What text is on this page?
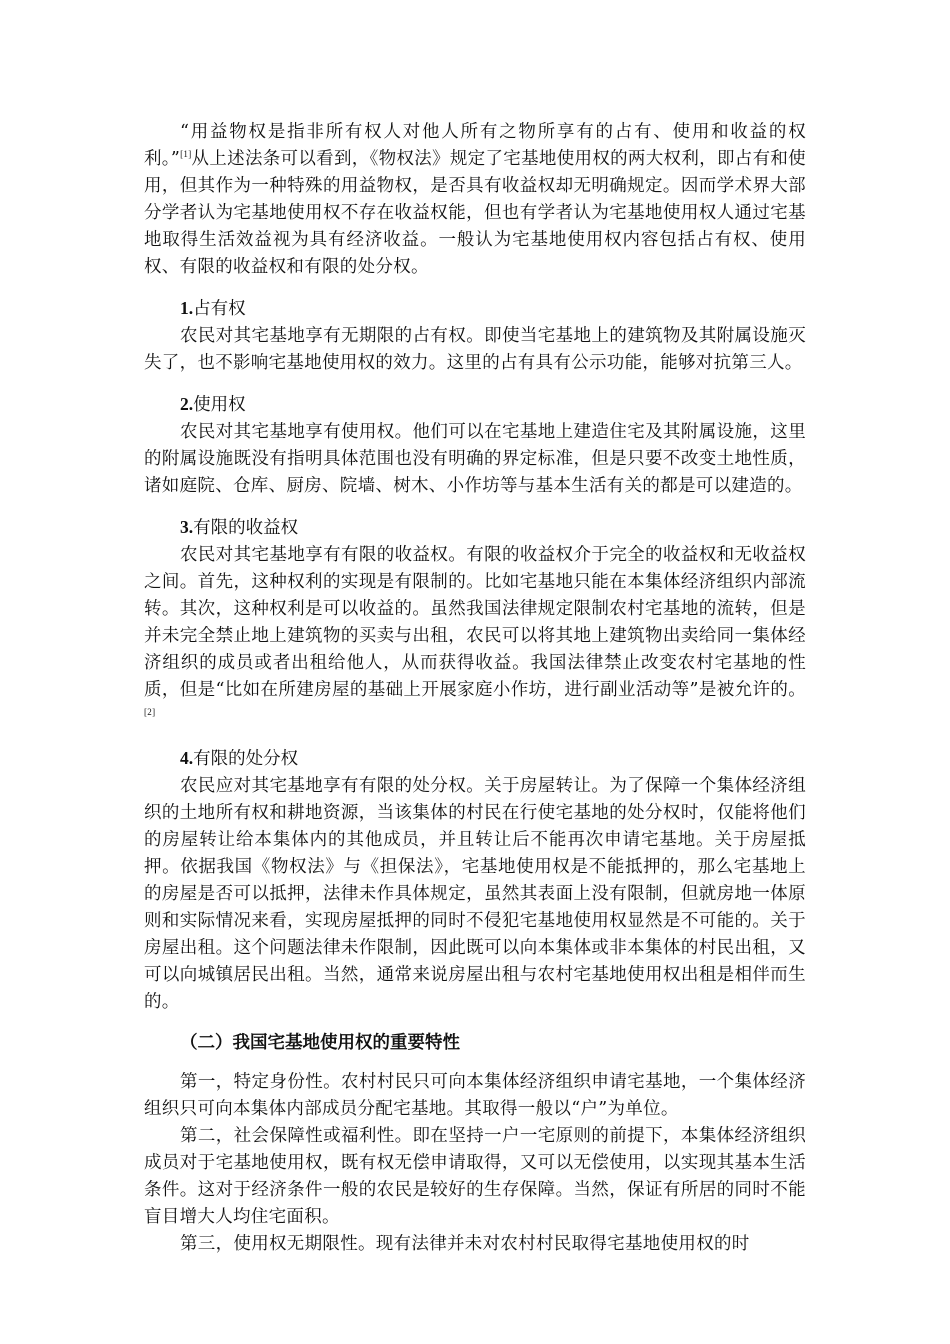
“用益物权是指非所有权人对他人所有之物所享有的占有、使用和收益的权利。”[1]从上述法条可以看到，《物权法》规定了宅基地使用权的两大权利，即占有和使用，但其作为一种特殊的用益物权，是否具有收益权却无明确规定。因而学术界大部分学者认为宅基地使用权不存在收益权能，但也有学者认为宅基地使用权人通过宅基地取得生活效益视为具有经济收益。一般认为宅基地使用权内容包括占有权、使用权、有限的收益权和有限的处分权。

1.占有权

农民对其宅基地享有无期限的占有权。即使当宅基地上的建筑物及其附属设施灭失了，也不影响宅基地使用权的效力。这里的占有具有公示功能，能够对抗第三人。

2.使用权

农民对其宅基地享有使用权。他们可以在宅基地上建造住宅及其附属设施，这里的附属设施既没有指明具体范围也没有明确的界定标准，但是只要不改变土地性质，诸如庭院、仓库、厨房、院墙、树木、小作坊等与基本生活有关的都是可以建造的。

3.有限的收益权

农民对其宅基地享有有限的收益权。有限的收益权介于完全的收益权和无收益权之间。首先，这种权利的实现是有限制的。比如宅基地只能在本集体经济组织内部流转。其次，这种权利是可以收益的。虽然我国法律规定限制农村宅基地的流转，但是并未完全禁止地上建筑物的买卖与出租，农民可以将其地上建筑物出卖给同一集体经济组织的成员或者出租给他人，从而获得收益。我国法律禁止改变农村宅基地的性质，但是“比如在所建房屋的基础上开展家庭小作坊，进行副业活动等”是被允许的。[2]

4.有限的处分权

农民应对其宅基地享有有限的处分权。关于房屋转让。为了保障一个集体经济组织的土地所有权和耕地资源，当该集体的村民在行使宅基地的处分权时，仅能将他们的房屋转让给本集体内的其他成员，并且转让后不能再次申请宅基地。关于房屋抵押。依据我国《物权法》与《担保法》，宅基地使用权是不能抵押的，那么宅基地上的房屋是否可以抵押，法律未作具体规定，虽然其表面上没有限制，但就房地一体原则和实际情况来看，实现房屋抵押的同时不侵犯宅基地使用权显然是不可能的。关于房屋出租。这个问题法律未作限制，因此既可以向本集体或非本集体的村民出租，又可以向城镇居民出租。当然，通常来说房屋出租与农村宅基地使用权出租是相伴而生的。

（二）我国宅基地使用权的重要特性

第一，特定身份性。农村村民只可向本集体经济组织申请宅基地，一个集体经济组织只可向本集体内部成员分配宅基地。其取得一般以“户”为单位。

第二，社会保障性或福利性。即在坚持一户一宅原则的前提下，本集体经济组织成员对于宅基地使用权，既有权无偿申请取得，又可以无偿使用，以实现其基本生活条件。这对于经济条件一般的农民是较好的生存保障。当然，保证有所居的同时不能盲目增大人均住宅面积。

第三，使用权无期限性。现有法律并未对农村村民取得宅基地使用权的时
